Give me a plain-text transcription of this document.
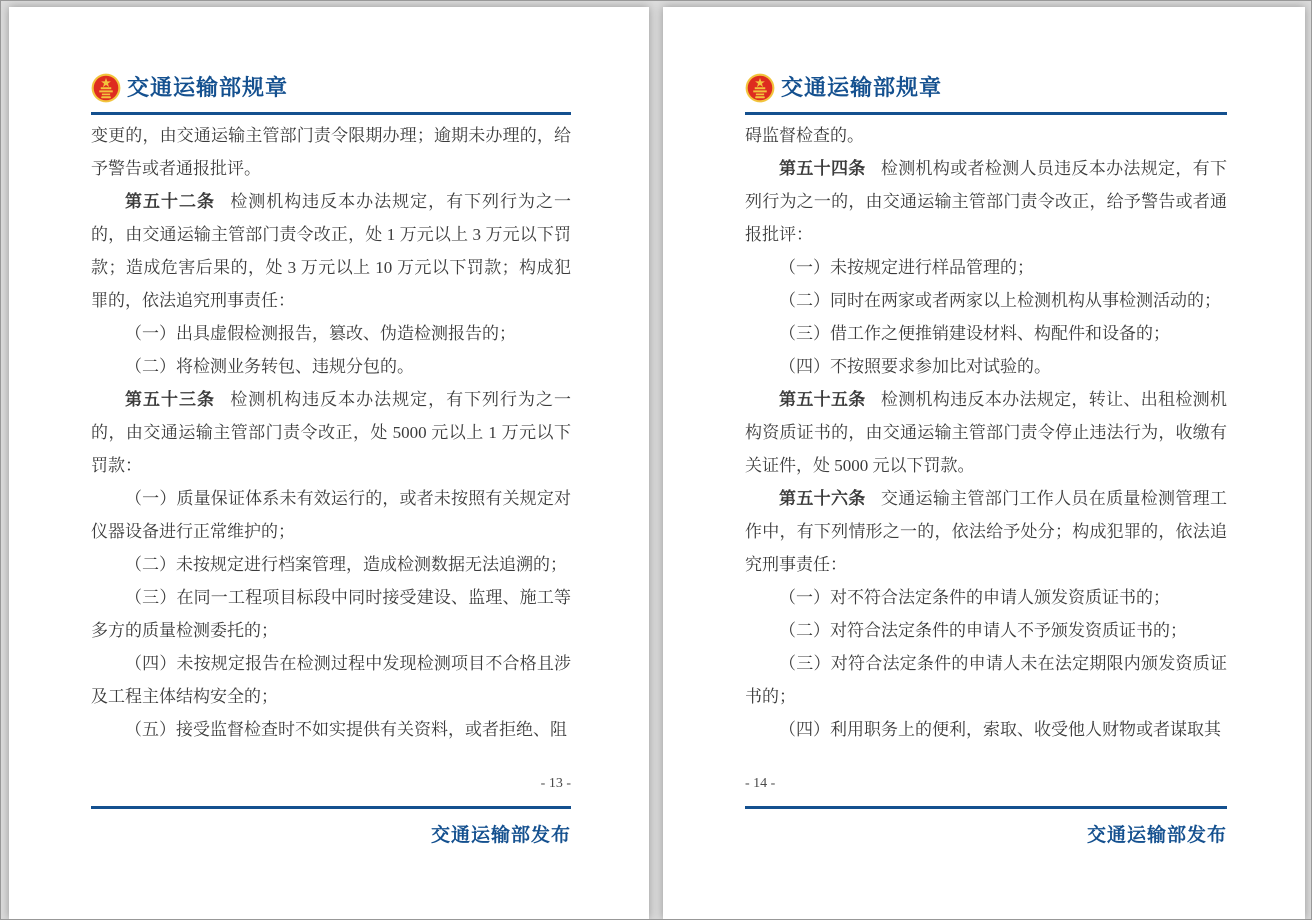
交通运输部规章

变更的，由交通运输主管部门责令限期办理；逾期未办理的，给予警告或者通报批评。

第五十二条 检测机构违反本办法规定，有下列行为之一的，由交通运输主管部门责令改正，处 1 万元以上 3 万元以下罚款；造成危害后果的，处 3 万元以上 10 万元以下罚款；构成犯罪的，依法追究刑事责任：

（一）出具虚假检测报告，篡改、伪造检测报告的；

（二）将检测业务转包、违规分包的。

第五十三条 检测机构违反本办法规定，有下列行为之一的，由交通运输主管部门责令改正，处 5000 元以上 1 万元以下罚款：

（一）质量保证体系未有效运行的，或者未按照有关规定对仪器设备进行正常维护的；

（二）未按规定进行档案管理，造成检测数据无法追溯的；

（三）在同一工程项目标段中同时接受建设、监理、施工等多方的质量检测委托的；

（四）未按规定报告在检测过程中发现检测项目不合格且涉及工程主体结构安全的；

（五）接受监督检查时不如实提供有关资料，或者拒绝、阻

- 13 -
交通运输部发布
交通运输部规章

碍监督检查的。

第五十四条 检测机构或者检测人员违反本办法规定，有下列行为之一的，由交通运输主管部门责令改正，给予警告或者通报批评：

（一）未按规定进行样品管理的；

（二）同时在两家或者两家以上检测机构从事检测活动的；

（三）借工作之便推销建设材料、构配件和设备的；

（四）不按照要求参加比对试验的。

第五十五条 检测机构违反本办法规定，转让、出租检测机构资质证书的，由交通运输主管部门责令停止违法行为，收缴有关证件，处 5000 元以下罚款。

第五十六条 交通运输主管部门工作人员在质量检测管理工作中，有下列情形之一的，依法给予处分；构成犯罪的，依法追究刑事责任：

（一）对不符合法定条件的申请人颁发资质证书的；

（二）对符合法定条件的申请人不予颁发资质证书的；

（三）对符合法定条件的申请人未在法定期限内颁发资质证书的；

（四）利用职务上的便利，索取、收受他人财物或者谋取其

- 14 -
交通运输部发布
